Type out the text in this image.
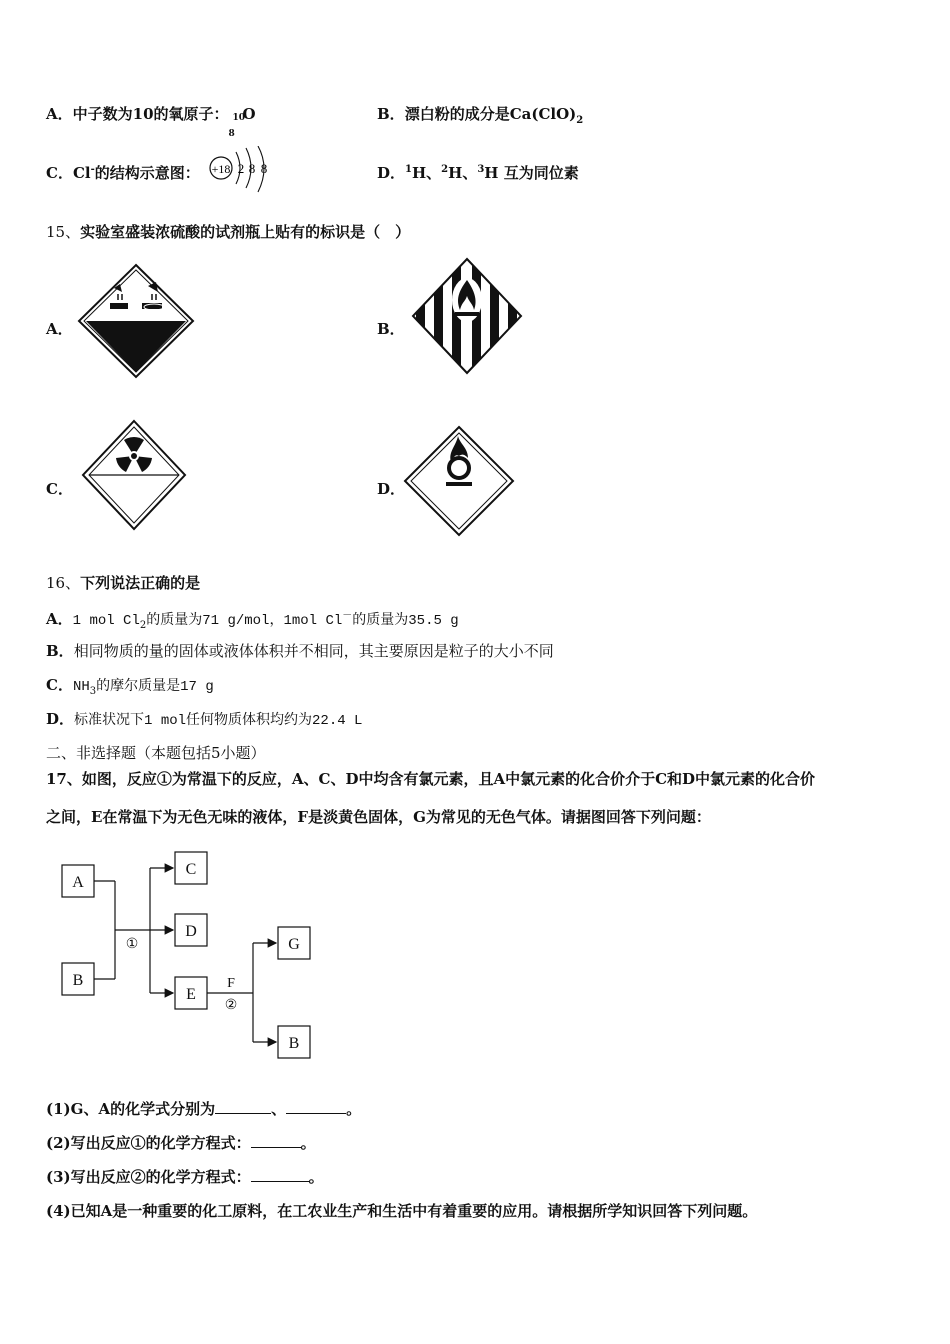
A．中子数为10的氧原子： 10
8
O	B．漂白粉的成分是$Ca(ClO)_2$
C．Cl-的结构示意图： +18 2 8 8	D．$^1$H、$^2$H、$^3$H 互为同位素
15、实验室盛装浓硫酸的试剂瓶上贴有的标识是（　）
A．	B．
C．	D．
16、下列说法正确的是
A．1 mol $Cl_2$的质量为71 g/mol，1mol Cl－的质量为35.5 g
B．相同物质的量的固体或液体体积并不相同，其主要原因是粒子的大小不同
C．$NH_3$的摩尔质量是17 g
D．标准状况下1 mol任何物质体积均约为22.4 L
二、非选择题（本题包括5小题）
17、如图，反应①为常温下的反应，A、C、D中均含有氯元素，且A中氯元素的化合价介于C和D中氯元素的化合价
之间，E在常温下为无色无味的液体，F是淡黄色固体，G为常见的无色气体。请据图回答下列问题：
A
B
C
D
E
G
B
①
F
②
(1)G、A的化学式分别为	、	。
(2)写出反应①的化学方程式：	。
(3)写出反应②的化学方程式：	。
(4)已知A是一种重要的化工原料，在工农业生产和生活中有着重要的应用。请根据所学知识回答下列问题。
